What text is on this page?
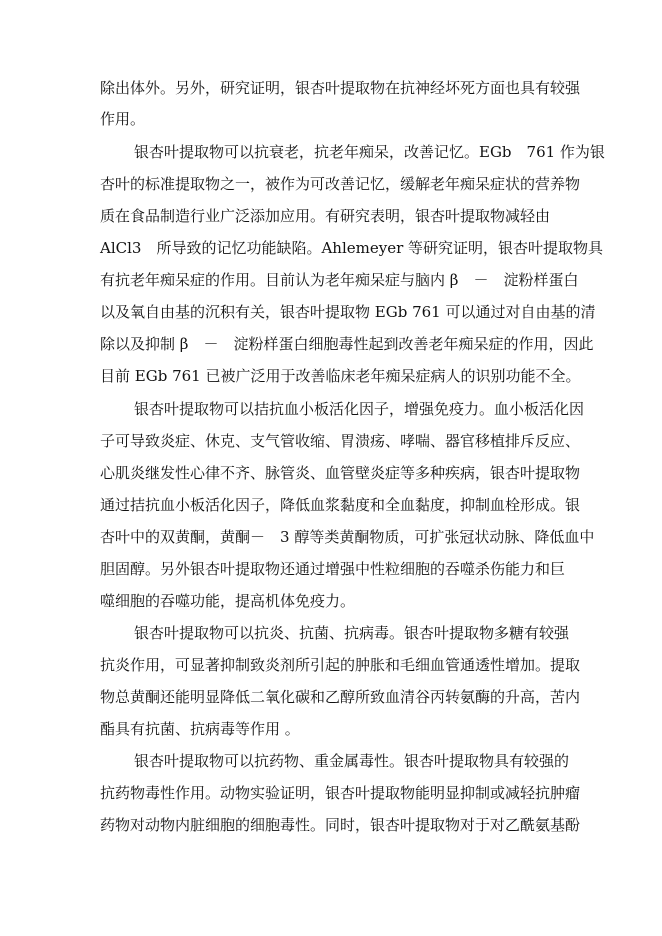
除出体外。另外，研究证明，银杏叶提取物在抗神经坏死方面也具有较强
作用。
银杏叶提取物可以抗衰老，抗老年痴呆，改善记忆。EGb　761 作为银
杏叶的标准提取物之一，被作为可改善记忆，缓解老年痴呆症状的营养物
质在食品制造行业广泛添加应用。有研究表明，银杏叶提取物减轻由
AlCl3　所导致的记忆功能缺陷。Ahlemeyer 等研究证明，银杏叶提取物具
有抗老年痴呆症的作用。目前认为老年痴呆症与脑内 β　－　淀粉样蛋白
以及氧自由基的沉积有关，银杏叶提取物 EGb 761 可以通过对自由基的清
除以及抑制 β　－　淀粉样蛋白细胞毒性起到改善老年痴呆症的作用，因此
目前 EGb 761 已被广泛用于改善临床老年痴呆症病人的识别功能不全。
银杏叶提取物可以拮抗血小板活化因子，增强免疫力。血小板活化因
子可导致炎症、休克、支气管收缩、胃溃疡、哮喘、器官移植排斥反应、
心肌炎继发性心律不齐、脉管炎、血管壁炎症等多种疾病，银杏叶提取物
通过拮抗血小板活化因子，降低血浆黏度和全血黏度，抑制血栓形成。银
杏叶中的双黄酮，黄酮－　3 醇等类黄酮物质，可扩张冠状动脉、降低血中
胆固醇。另外银杏叶提取物还通过增强中性粒细胞的吞噬杀伤能力和巨
噬细胞的吞噬功能，提高机体免疫力。
银杏叶提取物可以抗炎、抗菌、抗病毒。银杏叶提取物多糖有较强
抗炎作用，可显著抑制致炎剂所引起的肿胀和毛细血管通透性增加。提取
物总黄酮还能明显降低二氧化碳和乙醇所致血清谷丙转氨酶的升高，苦内
酯具有抗菌、抗病毒等作用 。
银杏叶提取物可以抗药物、重金属毒性。银杏叶提取物具有较强的
抗药物毒性作用。动物实验证明，银杏叶提取物能明显抑制或减轻抗肿瘤
药物对动物内脏细胞的细胞毒性。同时，银杏叶提取物对于对乙酰氨基酚
